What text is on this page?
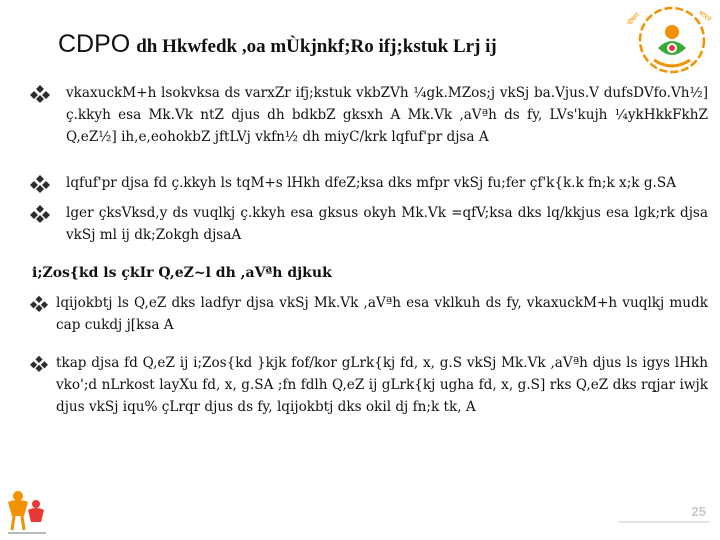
CDPO dh Hkwfedk ,oa mÙkjnkf;Ro ifj;kstuk Lrj ij
पोषण	भारत
vkaxuckM+h lsokvksa ds varxZr ifj;kstuk vkbZVh ¼gk.MZos;j vkSj ba.Vjus.V dufsDVfo.Vh½] ç.kkyh esa Mk.Vk ntZ djus dh bdkbZ gksxh A Mk.Vk ,aVªh ds fy, LVs'kujh ¼ykHkkFkhZ Q,eZ½] ih,e,eohokbZ jftLVj vkfn½ dh miyC/krk lqfuf'pr djsa A
lqfuf'pr djsa fd ç.kkyh ls tqM+s lHkh dfeZ;ksa dks mfpr vkSj fu;fer çf'k{k.k fn;k x;k g.SA
lger çksVksd,y ds vuqlkj ç.kkyh esa gksus okyh Mk.Vk =qfV;ksa dks lq/kkjus esa lgk;rk djsa vkSj ml ij dk;Zokgh djsaA
i;Zos{kd ls çkIr Q,eZ~l dh ,aVªh djkuk
lqijokbtj ls Q,eZ dks ladfyr djsa vkSj Mk.Vk ,aVªh esa vklkuh ds fy, vkaxuckM+h vuqlkj mudk cap cukdj j[ksa A
tkap djsa fd Q,eZ ij i;Zos{kd }kjk fof/kor gLrk{kj fd, x, g.S vkSj Mk.Vk ,aVªh djus ls igys lHkh vko';d nLrkost layXu fd, x, g.SA ;fn fdlh Q,eZ ij gLrk{kj ugha fd, x, g.S] rks Q,eZ dks rqjar iwjk djus vkSj iqu% çLrqr djus ds fy, lqijokbtj dks okil dj fn;k tk, A
25
